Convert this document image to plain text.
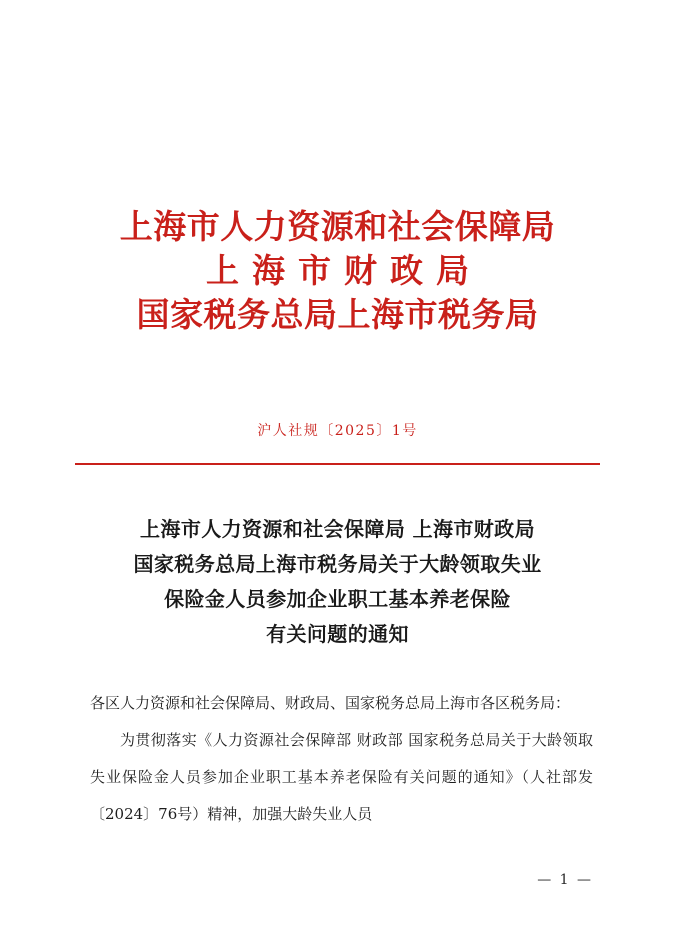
上海市人力资源和社会保障局
上海市财政局
国家税务总局上海市税务局
沪人社规〔2025〕1号
上海市人力资源和社会保障局 上海市财政局
国家税务总局上海市税务局关于大龄领取失业
保险金人员参加企业职工基本养老保险
有关问题的通知

各区人力资源和社会保障局、财政局、国家税务总局上海市各区税务局：

为贯彻落实《人力资源社会保障部 财政部 国家税务总局关于大龄领取失业保险金人员参加企业职工基本养老保险有关问题的通知》（人社部发〔2024〕76号）精神，加强大龄失业人员

— 1 —
